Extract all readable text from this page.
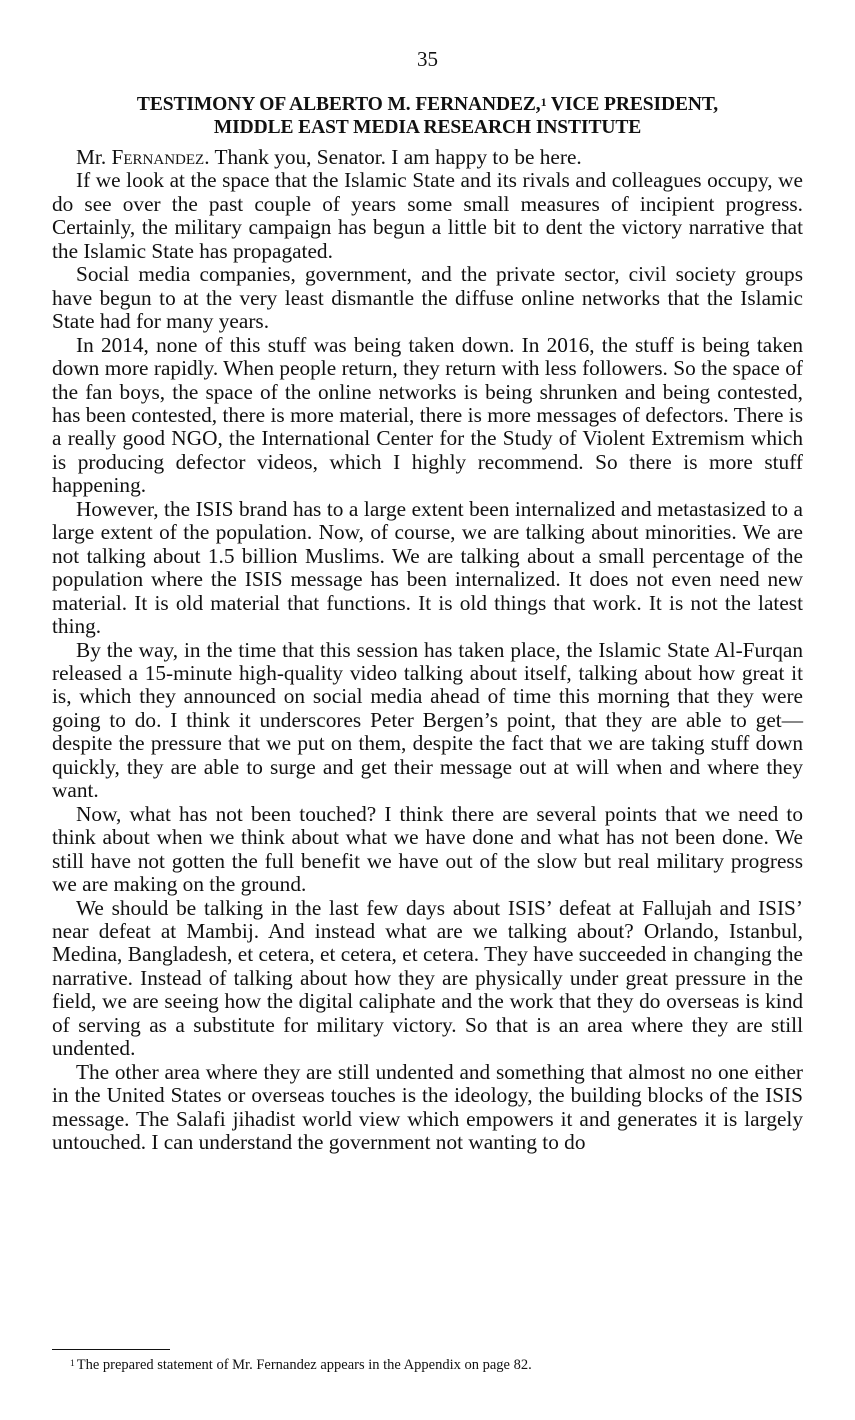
35
TESTIMONY OF ALBERTO M. FERNANDEZ,$^1$ VICE PRESIDENT,
MIDDLE EAST MEDIA RESEARCH INSTITUTE

Mr. Fernandez. Thank you, Senator. I am happy to be here.

If we look at the space that the Islamic State and its rivals and colleagues occupy, we do see over the past couple of years some small measures of incipient progress. Certainly, the military campaign has begun a little bit to dent the victory narrative that the Islamic State has propagated.

Social media companies, government, and the private sector, civil society groups have begun to at the very least dismantle the diffuse online networks that the Islamic State had for many years.

In 2014, none of this stuff was being taken down. In 2016, the stuff is being taken down more rapidly. When people return, they return with less followers. So the space of the fan boys, the space of the online networks is being shrunken and being contested, has been contested, there is more material, there is more messages of defectors. There is a really good NGO, the International Center for the Study of Violent Extremism which is producing defector videos, which I highly recommend. So there is more stuff happening.

However, the ISIS brand has to a large extent been internalized and metastasized to a large extent of the population. Now, of course, we are talking about minorities. We are not talking about 1.5 billion Muslims. We are talking about a small percentage of the population where the ISIS message has been internalized. It does not even need new material. It is old material that functions. It is old things that work. It is not the latest thing.

By the way, in the time that this session has taken place, the Islamic State Al-Furqan released a 15-minute high-quality video talking about itself, talking about how great it is, which they announced on social media ahead of time this morning that they were going to do. I think it underscores Peter Bergen’s point, that they are able to get—despite the pressure that we put on them, despite the fact that we are taking stuff down quickly, they are able to surge and get their message out at will when and where they want.

Now, what has not been touched? I think there are several points that we need to think about when we think about what we have done and what has not been done. We still have not gotten the full benefit we have out of the slow but real military progress we are making on the ground.

We should be talking in the last few days about ISIS’ defeat at Fallujah and ISIS’ near defeat at Mambij. And instead what are we talking about? Orlando, Istanbul, Medina, Bangladesh, et cetera, et cetera, et cetera. They have succeeded in changing the narrative. Instead of talking about how they are physically under great pressure in the field, we are seeing how the digital caliphate and the work that they do overseas is kind of serving as a substitute for military victory. So that is an area where they are still undented.

The other area where they are still undented and something that almost no one either in the United States or overseas touches is the ideology, the building blocks of the ISIS message. The Salafi jihadist world view which empowers it and generates it is largely untouched. I can understand the government not wanting to do

$^1$ The prepared statement of Mr. Fernandez appears in the Appendix on page 82.
